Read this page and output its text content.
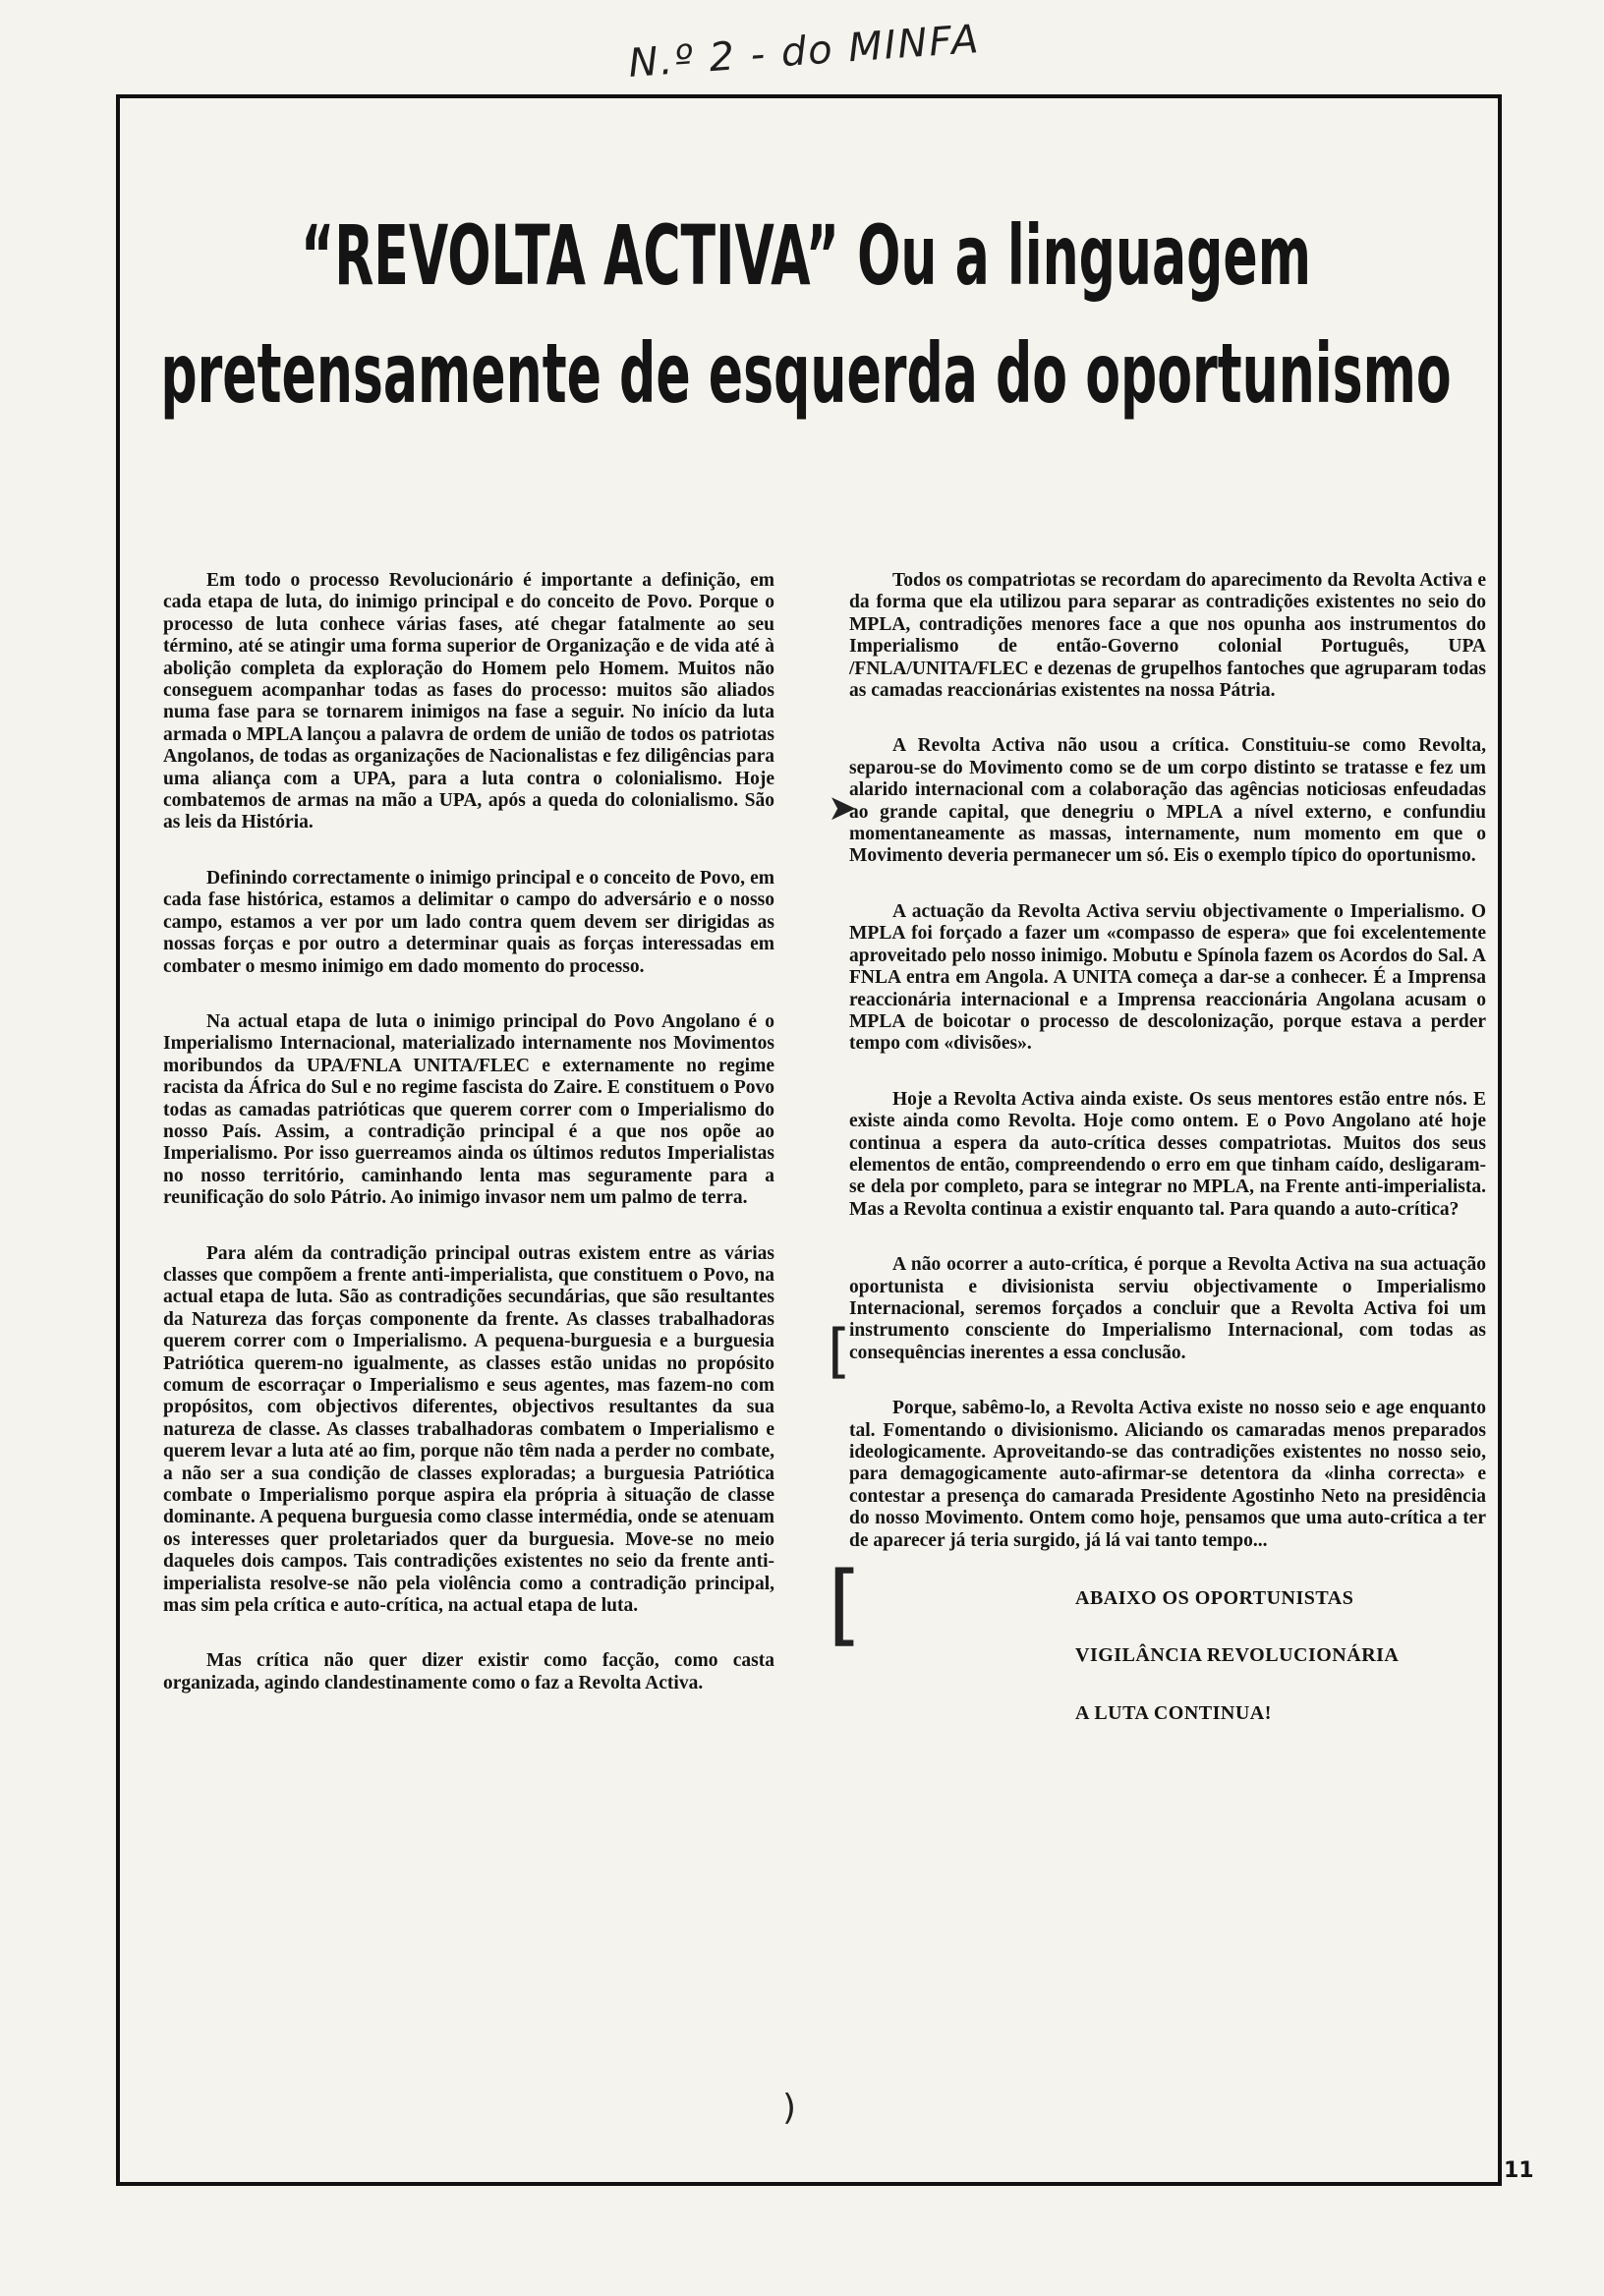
N.º 2 - do MINFA
“REVOLTA ACTIVA” Ou a linguagem pretensamente de esquerda do oportunismo

Em todo o processo Revolucionário é importante a definição, em cada etapa de luta, do inimigo principal e do conceito de Povo. Porque o processo de luta conhece várias fases, até chegar fatalmente ao seu término, até se atingir uma forma superior de Organização e de vida até à abolição completa da exploração do Homem pelo Homem. Muitos não conseguem acompanhar todas as fases do processo: muitos são aliados numa fase para se tornarem inimigos na fase a seguir. No início da luta armada o MPLA lançou a palavra de ordem de união de todos os patriotas Angolanos, de todas as organizações de Nacionalistas e fez diligências para uma aliança com a UPA, para a luta contra o colonialismo. Hoje combatemos de armas na mão a UPA, após a queda do colonialismo. São as leis da História.

Definindo correctamente o inimigo principal e o conceito de Povo, em cada fase histórica, estamos a delimitar o campo do adversário e o nosso campo, estamos a ver por um lado contra quem devem ser dirigidas as nossas forças e por outro a determinar quais as forças interessadas em combater o mesmo inimigo em dado momento do processo.

Na actual etapa de luta o inimigo principal do Povo Angolano é o Imperialismo Internacional, materializado internamente nos Movimentos moribundos da UPA/FNLA UNITA/FLEC e externamente no regime racista da África do Sul e no regime fascista do Zaire. E constituem o Povo todas as camadas patrióticas que querem correr com o Imperialismo do nosso País. Assim, a contradição principal é a que nos opõe ao Imperialismo. Por isso guerreamos ainda os últimos redutos Imperialistas no nosso território, caminhando lenta mas seguramente para a reunificação do solo Pátrio. Ao inimigo invasor nem um palmo de terra.

Para além da contradição principal outras existem entre as várias classes que compõem a frente anti-imperialista, que constituem o Povo, na actual etapa de luta. São as contradições secundárias, que são resultantes da Natureza das forças componente da frente. As classes trabalhadoras querem correr com o Imperialismo. A pequena-burguesia e a burguesia Patriótica querem-no igualmente, as classes estão unidas no propósito comum de escorraçar o Imperialismo e seus agentes, mas fazem-no com propósitos, com objectivos diferentes, objectivos resultantes da sua natureza de classe. As classes trabalhadoras combatem o Imperialismo e querem levar a luta até ao fim, porque não têm nada a perder no combate, a não ser a sua condição de classes exploradas; a burguesia Patriótica combate o Imperialismo porque aspira ela própria à situação de classe dominante. A pequena burguesia como classe intermédia, onde se atenuam os interesses quer proletariados quer da burguesia. Move-se no meio daqueles dois campos. Tais contradições existentes no seio da frente anti-imperialista resolve-se não pela violência como a contradição principal, mas sim pela crítica e auto-crítica, na actual etapa de luta.

Mas crítica não quer dizer existir como facção, como casta organizada, agindo clandestinamente como o faz a Revolta Activa.

Todos os compatriotas se recordam do aparecimento da Revolta Activa e da forma que ela utilizou para separar as contradições existentes no seio do MPLA, contradições menores face a que nos opunha aos instrumentos do Imperialismo de então-Governo colonial Português, UPA /FNLA/UNITA/FLEC e dezenas de grupelhos fantoches que agruparam todas as camadas reaccionárias existentes na nossa Pátria.

A Revolta Activa não usou a crítica. Constituiu-se como Revolta, separou-se do Movimento como se de um corpo distinto se tratasse e fez um alarido internacional com a colaboração das agências noticiosas enfeudadas ao grande capital, que denegriu o MPLA a nível externo, e confundiu momentaneamente as massas, internamente, num momento em que o Movimento deveria permanecer um só. Eis o exemplo típico do oportunismo.

A actuação da Revolta Activa serviu objectivamente o Imperialismo. O MPLA foi forçado a fazer um «compasso de espera» que foi excelentemente aproveitado pelo nosso inimigo. Mobutu e Spínola fazem os Acordos do Sal. A FNLA entra em Angola. A UNITA começa a dar-se a conhecer. É a Imprensa reaccionária internacional e a Imprensa reaccionária Angolana acusam o MPLA de boicotar o processo de descolonização, porque estava a perder tempo com «divisões».

Hoje a Revolta Activa ainda existe. Os seus mentores estão entre nós. E existe ainda como Revolta. Hoje como ontem. E o Povo Angolano até hoje continua a espera da auto-crítica desses compatriotas. Muitos dos seus elementos de então, compreendendo o erro em que tinham caído, desligaram-se dela por completo, para se integrar no MPLA, na Frente anti-imperialista. Mas a Revolta continua a existir enquanto tal. Para quando a auto-crítica?

A não ocorrer a auto-crítica, é porque a Revolta Activa na sua actuação oportunista e divisionista serviu objectivamente o Imperialismo Internacional, seremos forçados a concluir que a Revolta Activa foi um instrumento consciente do Imperialismo Internacional, com todas as consequências inerentes a essa conclusão.

Porque, sabêmo-lo, a Revolta Activa existe no nosso seio e age enquanto tal. Fomentando o divisionismo. Aliciando os camaradas menos preparados ideologicamente. Aproveitando-se das contradições existentes no nosso seio, para demagogicamente auto-afirmar-se detentora da «linha correcta» e contestar a presença do camarada Presidente Agostinho Neto na presidência do nosso Movimento. Ontem como hoje, pensamos que uma auto-crítica a ter de aparecer já teria surgido, já lá vai tanto tempo...

ABAIXO OS OPORTUNISTAS
VIGILÂNCIA REVOLUCIONÁRIA
A LUTA CONTINUA!
➤
[
[
)
11
